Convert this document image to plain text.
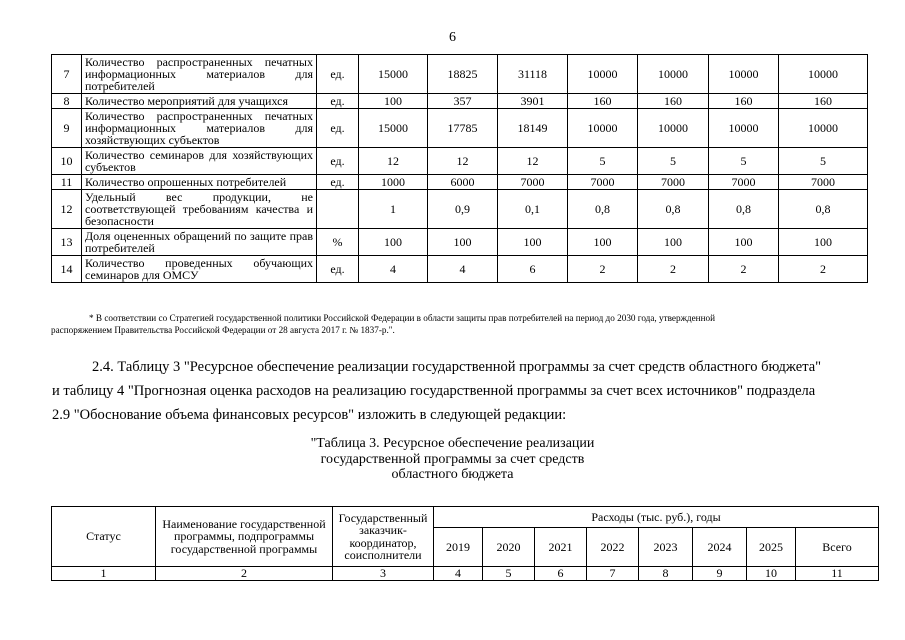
6
7	Количество распространенных печатных информационных материалов для потребителей	ед.	15000	18825	31118	10000	10000	10000	10000
8	Количество мероприятий для учащихся	ед.	100	357	3901	160	160	160	160
9	Количество распространенных печатных информационных материалов для хозяйствующих субъектов	ед.	15000	17785	18149	10000	10000	10000	10000
10	Количество семинаров для хозяйствующих субъектов	ед.	12	12	12	5	5	5	5
11	Количество опрошенных потребителей	ед.	1000	6000	7000	7000	7000	7000	7000
12	Удельный вес продукции, не соответствующей требованиям качества и безопасности		1	0,9	0,1	0,8	0,8	0,8	0,8
13	Доля оцененных обращений по защите прав потребителей	%	100	100	100	100	100	100	100
14	Количество проведенных обучающих семинаров для ОМСУ	ед.	4	4	6	2	2	2	2
* В соответствии со Стратегией государственной политики Российской Федерации в области защиты прав потребителей на период до 2030 года, утвержденной
распоряжением Правительства Российской Федерации от 28 августа 2017 г. № 1837-р.".
2.4. Таблицу 3 "Ресурсное обеспечение реализации государственной программы за счет средств областного бюджета"
и таблицу 4 "Прогнозная оценка расходов на реализацию государственной программы за счет всех источников" подраздела
2.9 "Обоснование объема финансовых ресурсов" изложить в следующей редакции:
"Таблица 3. Ресурсное обеспечение реализации
государственной программы за счет средств
областного бюджета
Статус	Наименование государственной программы, подпрограммы государственной программы	Государственный заказчик-координатор, соисполнители	Расходы (тыс. руб.), годы							
			2019	2020	2021	2022	2023	2024	2025	Всего
1	2	3	4	5	6	7	8	9	10	11
